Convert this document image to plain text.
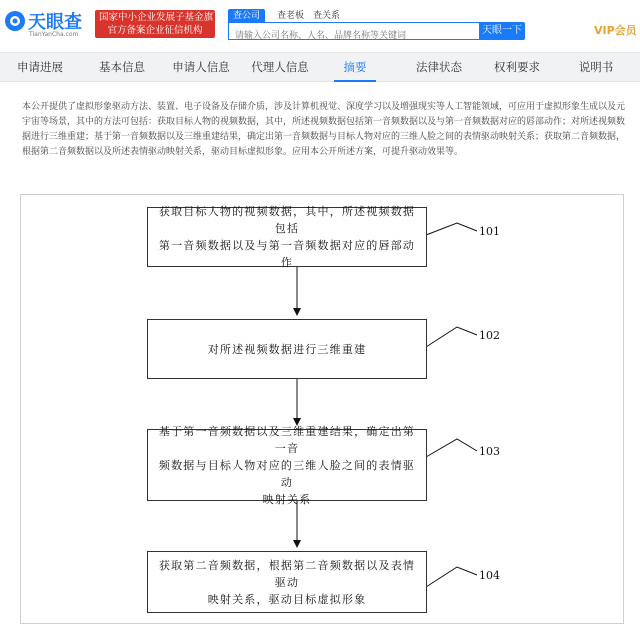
天眼查
TianYanCha.com
国家中小企业发展子基金旗下
官方备案企业征信机构
查公司	查老板 查关系
请输入公司名称、人名、品牌名称等关键词
天眼一下	VIP会员
申请进展	基本信息 申请人信息 代理人信息	摘要	法律状态	权利要求	说明书
本公开提供了虚拟形象驱动方法、装置、电子设备及存储介质，涉及计算机视觉、深度学习以及增强现实等人工智能领域，可应用于虚拟形象生成以及元宇宙等场景，其中的方法可包括：获取目标人物的视频数据，其中，所述视频数据包括第一音频数据以及与第一音频数据对应的唇部动作；对所述视频数据进行三维重建；基于第一音频数据以及三维重建结果，确定出第一音频数据与目标人物对应的三维人脸之间的表情驱动映射关系；获取第二音频数据，根据第二音频数据以及所述表情驱动映射关系，驱动目标虚拟形象。应用本公开所述方案，可提升驱动效果等。
获取目标人物的视频数据，其中，所述视频数据包括
第一音频数据以及与第一音频数据对应的唇部动作
101
对所述视频数据进行三维重建
102
基于第一音频数据以及三维重建结果，确定出第一音
频数据与目标人物对应的三维人脸之间的表情驱动
映射关系
103
获取第二音频数据，根据第二音频数据以及表情驱动
映射关系，驱动目标虚拟形象
104
